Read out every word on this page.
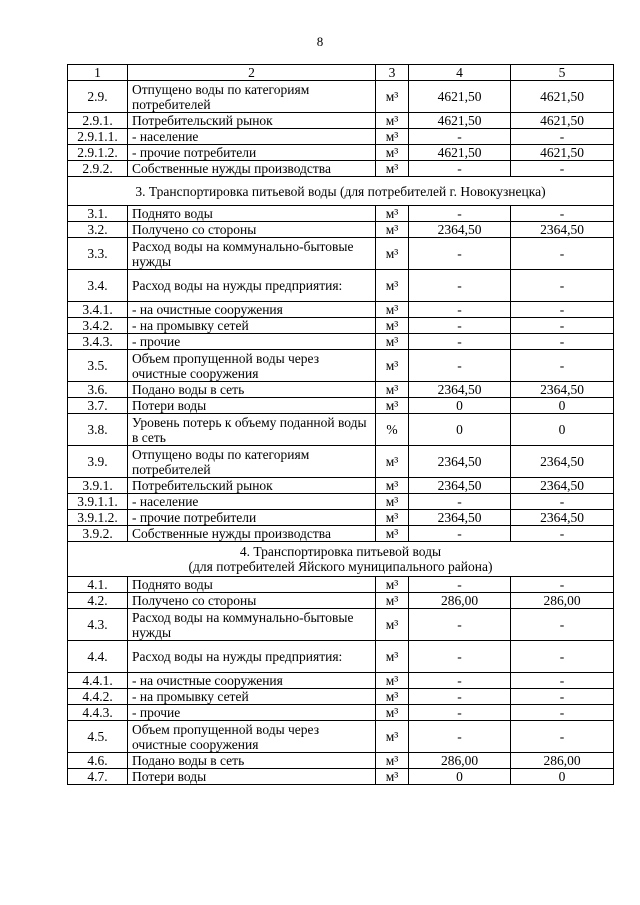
8
1	2	3	4	5
2.9.	Отпущено воды по категориям потребителей	м³	4621,50	4621,50
2.9.1.	Потребительский рынок	м³	4621,50	4621,50
2.9.1.1.	- население	м³	-	-
2.9.1.2.	- прочие потребители	м³	4621,50	4621,50
2.9.2.	Собственные нужды производства	м³	-	-
3. Транспортировка питьевой воды (для потребителей г. Новокузнецка)				
3.1.	Поднято воды	м³	-	-
3.2.	Получено со стороны	м³	2364,50	2364,50
3.3.	Расход воды на коммунально-бытовые нужды	м³	-	-
3.4.	Расход воды на нужды предприятия:	м³	-	-
3.4.1.	- на очистные сооружения	м³	-	-
3.4.2.	- на промывку сетей	м³	-	-
3.4.3.	- прочие	м³	-	-
3.5.	Объем пропущенной воды через очистные сооружения	м³	-	-
3.6.	Подано воды в сеть	м³	2364,50	2364,50
3.7.	Потери воды	м³	0	0
3.8.	Уровень потерь к объему поданной воды в сеть	%	0	0
3.9.	Отпущено воды по категориям потребителей	м³	2364,50	2364,50
3.9.1.	Потребительский рынок	м³	2364,50	2364,50
3.9.1.1.	- население	м³	-	-
3.9.1.2.	- прочие потребители	м³	2364,50	2364,50
3.9.2.	Собственные нужды производства	м³	-	-
4. Транспортировка питьевой воды
(для потребителей Яйского муниципального района)				
4.1.	Поднято воды	м³	-	-
4.2.	Получено со стороны	м³	286,00	286,00
4.3.	Расход воды на коммунально-бытовые нужды	м³	-	-
4.4.	Расход воды на нужды предприятия:	м³	-	-
4.4.1.	- на очистные сооружения	м³	-	-
4.4.2.	- на промывку сетей	м³	-	-
4.4.3.	- прочие	м³	-	-
4.5.	Объем пропущенной воды через очистные сооружения	м³	-	-
4.6.	Подано воды в сеть	м³	286,00	286,00
4.7.	Потери воды	м³	0	0
